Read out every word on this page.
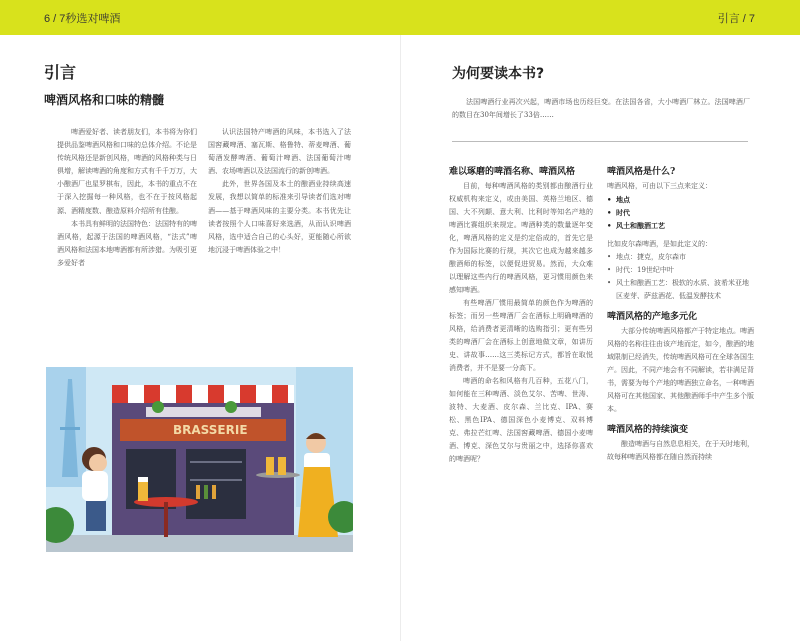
6 / 7秒选对啤酒	引言 / 7
引言
啤酒风格和口味的精髓

啤酒爱好者、读者朋友们，本书将为你们提供品鉴啤酒风格和口味的总体介绍。不论是传统风格还是新创风格，啤酒的风格种类与日俱增，解读啤酒的角度和方式有千千万万，大小酿酒厂也星罗棋布，因此，本书的重点不在于深入挖掘每一种风格，也不在于按风格起源、酒精度数、酿造原料介绍所有佳酿。

本书具有鲜明的法国特色：法国特有的啤酒风格，起源于法国的啤酒风格，“法式”啤酒风格和法国本地啤酒都有所涉猎。为吸引更多爱好者

认识法国特产啤酒的风味，本书选入了法国窖藏啤酒、塞瓦斯、格鲁特、蒂麦啤酒、葡萄酒发酵啤酒、葡萄汁啤酒、法国葡萄汁啤酒、农场啤酒以及法国流行的新创啤酒。

此外，世界各国及本土的酿酒业持续高速发展，我想以简单的标准来引导读者们选对啤酒——基于啤酒风味的主要分类。本书优先让读者按照个人口味喜好来选酒，从而认识啤酒风格，选中适合自己的心头好，更能随心所欲地沉浸于啤酒体验之中！

BRASSERIE
为何要读本书?

法国啤酒行业再次兴起，啤酒市场也历经巨变。在法国各省，大小啤酒厂林立。法国啤酒厂的数目在30年间增长了33倍……

难以琢磨的啤酒名称、啤酒风格

目前，每种啤酒风格的类别都由酿酒行业权威机构来定义，或由美国、英格兰地区、德国、大不列颠、意大利、比利时等知名产地的啤酒比赛组织来规定。啤酒种类的数量逐年变化，啤酒风格的定义是约定俗成的，首先它是作为国际比赛的行规，其次它也成为越来越多酿酒师的标签，以便促进贸易。然而，大众难以理解这些内行的啤酒风格，更习惯用颜色来感知啤酒。

有些啤酒厂惯用最简单的颜色作为啤酒的标签；而另一些啤酒厂会在酒标上明确啤酒的风格，给消费者更清晰的选购指引；更有些另类的啤酒厂会在酒标上创意地做文章，如讲历史、讲故事……这三类标记方式，都旨在取悦消费者，并不是要一分高下。

啤酒的命名和风格有几百种，五花八门，如何能在三种啤酒、淡色艾尔、苦啤、世涛、波特、大麦酒、皮尔森、兰比克、IPA、赛松、黑色IPA、德国深色小麦博克、双料博克、弗拉芒红啤、法国窖藏啤酒、德国小麦啤酒、博克、深色艾尔与贵丽之中，选择你喜欢的啤酒呢？

啤酒风格是什么?
啤酒风格，可由以下三点来定义：
• 地点
• 时代
• 风土和酿酒工艺
比如皮尔森啤酒，是如此定义的：
• 地点：捷克，皮尔森市
• 时代：19世纪中叶
• 风土和酿酒工艺：极软的水质、波希米亚地区麦芽、萨兹酒花、低温发酵技术
啤酒风格的产地多元化

大部分传统啤酒风格都产于特定地点。啤酒风格的名称往往由该产地而定，如今，酿酒的地域限制已经消失，传统啤酒风格可在全球各国生产。因此，不同产地会有不同解读，若非满足背书，需要为每个产地的啤酒独立命名，一种啤酒风格可在其他国家、其他酿酒师手中产生多个版本。

啤酒风格的持续演变

酿造啤酒与自然息息相关，在于天时地利，故每种啤酒风格都在随自然而持续
